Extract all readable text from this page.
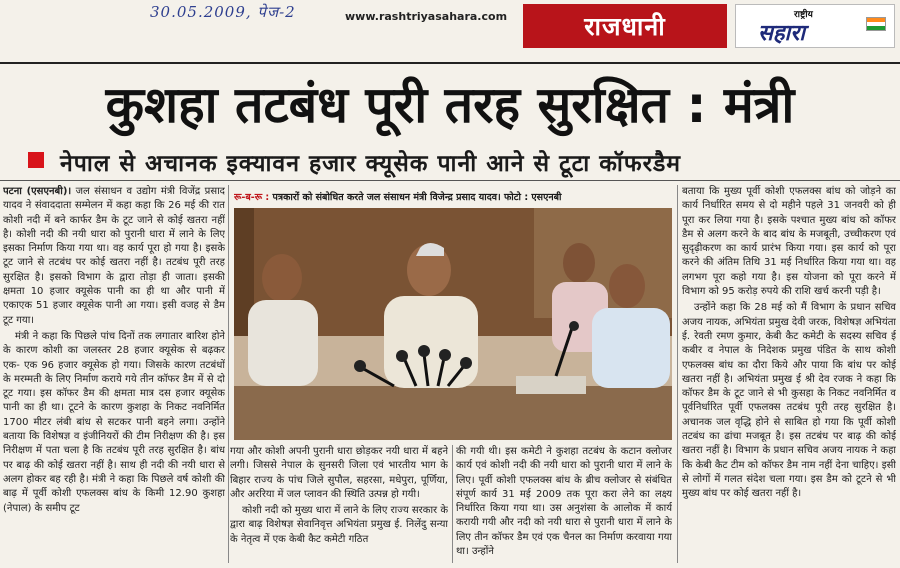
30.05.2009, पेज-2	www.rashtriyasahara.com	राजधानी	राष्ट्रीय
सहारा
कुशहा तटबंध पूरी तरह सुरक्षित : मंत्री
नेपाल से अचानक इक्यावन हजार क्यूसेक पानी आने से टूटा कॉफरडैम

पटना (एसएनबी)। जल संसाधन व उद्योग मंत्री विजेंद्र प्रसाद यादव ने संवाददाता सम्मेलन में कहा कहा कि 26 मई की रात कोशी नदी में बने कार्फर डैम के टूट जाने से कोई खतरा नहीं है। कोशी नदी की नयी धारा को पुरानी धारा में लाने के लिए इसका निर्माण किया गया था। वह कार्य पूरा हो गया है। इसके टूट जाने से तटबंध पर कोई खतरा नहीं है। तटबंध पूरी तरह सुरक्षित है। इसको विभाग के द्वारा तोड़ा ही जाता। इसकी क्षमता 10 हजार क्यूसेक पानी का ही था और पानी में एकाएक 51 हजार क्यूसेक पानी आ गया। इसी वजह से डैम टूट गया।

मंत्री ने कहा कि पिछले पांच दिनों तक लगातार बारिश होने के कारण कोशी का जलस्तर 28 हजार क्यूसेक से बढ़कर एक- एक 96 हजार क्यूसेक हो गया। जिसके कारण तटबंधों के मरम्मती के लिए निर्माण कराये गये तीन कॉफर डैम में से दो टूट गया। इस कॉफर डैम की क्षमता मात्र दस हजार क्यूसेक पानी का ही था। टूटने के कारण कुशहा के निकट नवनिर्मित 1700 मीटर लंबी बांध से सटकर पानी बहने लगा। उन्होंने बताया कि विशेषज्ञ व इंजीनियरों की टीम निरीक्षण की है। इस निरीक्षण में पता चला है कि तटबंध पूरी तरह सुरक्षित है। बांध पर बाढ़ की कोई खतरा नहीं है। साथ ही नदी की नयी धारा से अलग होकर बह रही है। मंत्री ने कहा कि पिछले वर्ष कोशी की बाढ़ में पूर्वी कोशी एफलक्स बांध के किमी 12.90 कुशहा (नेपाल) के समीप टूट

रू-ब-रू : पत्रकारों को संबोधित करते जल संसाधन मंत्री विजेन्द्र प्रसाद यादव। फोटो : एसएनबी

गया और कोशी अपनी पुरानी धारा छोड़कर नयी धारा में बहने लगी। जिससे नेपाल के सुनसरी जिला एवं भारतीय भाग के बिहार राज्य के पांच जिले सुपौल, सहरसा, मधेपुरा, पूर्णिया, और अररिया में जल प्लावन की स्थिति उत्पन्न हो गयी।

कोशी नदी को मुख्य धारा में लाने के लिए राज्य सरकार के द्वारा बाढ़ विशेषज्ञ सेवानिवृत्त अभियंता प्रमुख ई. निलेंदु सन्या के नेतृत्व में एक केबी कैट कमेटी गठित

की गयी थी। इस कमेटी ने कुशहा तटबंध के कटान क्लोजर कार्य एवं कोशी नदी की नयी धारा को पुरानी धारा में लाने के लिए। पूर्वी कोशी एफलक्स बांध के ब्रीच क्लोजर से संबंधित संपूर्ण कार्य 31 मई 2009 तक पूरा करा लेने का लक्ष्य निर्धारित किया गया था। उस अनुशंसा के आलोक में कार्य करायी गयी और नदी को नयी धारा से पुरानी धारा में लाने के लिए तीन कॉफर डैम एवं एक चैनल का निर्माण करवाया गया था। उन्होंने

बताया कि मुख्य पूर्वी कोशी एफलक्स बांध को जोड़ने का कार्य निर्धारित समय से दो महीने पहले 31 जनवरी को ही पूरा कर लिया गया है। इसके पश्चात मुख्य बांध को कॉफर डैम से अलग करने के बाद बांध के मजबूती, उच्चीकरण एवं सुदृढ़ीकरण का कार्य प्रारंभ किया गया। इस कार्य को पूरा करने की अंतिम तिथि 31 मई निर्धारित किया गया था। वह लगभग पूरा कहो गया है। इस योजना को पूरा करने में विभाग को 95 करोड़ रुपये की राशि खर्च करनी पड़ी है।

उन्होंने कहा कि 28 मई को मैं विभाग के प्रधान सचिव अजय नायक, अभियंता प्रमुख देवी जरक, विशेषज्ञ अभियंता ई. रेवती रमण कुमार, केबी कैट कमेटी के सदस्य सचिव ई कबीर व नेपाल के निदेशक प्रमुख पंडित के साथ कोशी एफलक्स बांध का दौरा किये और पाया कि बांध पर कोई खतरा नहीं है। अभियंता प्रमुख ई श्री देव रजक ने कहा कि कॉफर डैम के टूट जाने से भी कुसहा के निकट नवनिर्मित व पूर्वनिर्धारित पूर्वी एफलक्स तटबंध पूरी तरह सुरक्षित है। अचानक जल वृद्धि होने से साबित हो गया कि पूर्वी कोशी तटबंध का ढांचा मजबूत है। इस तटबंध पर बाढ़ की कोई खतरा नहीं है। विभाग के प्रधान सचिव अजय नायक ने कहा कि केबी कैट टीम को कॉफर डैम नाम नहीं देना चाहिए। इसी से लोगों में गलत संदेश चला गया। इस डैम को टूटने से भी मुख्य बांध पर कोई खतरा नहीं है।
